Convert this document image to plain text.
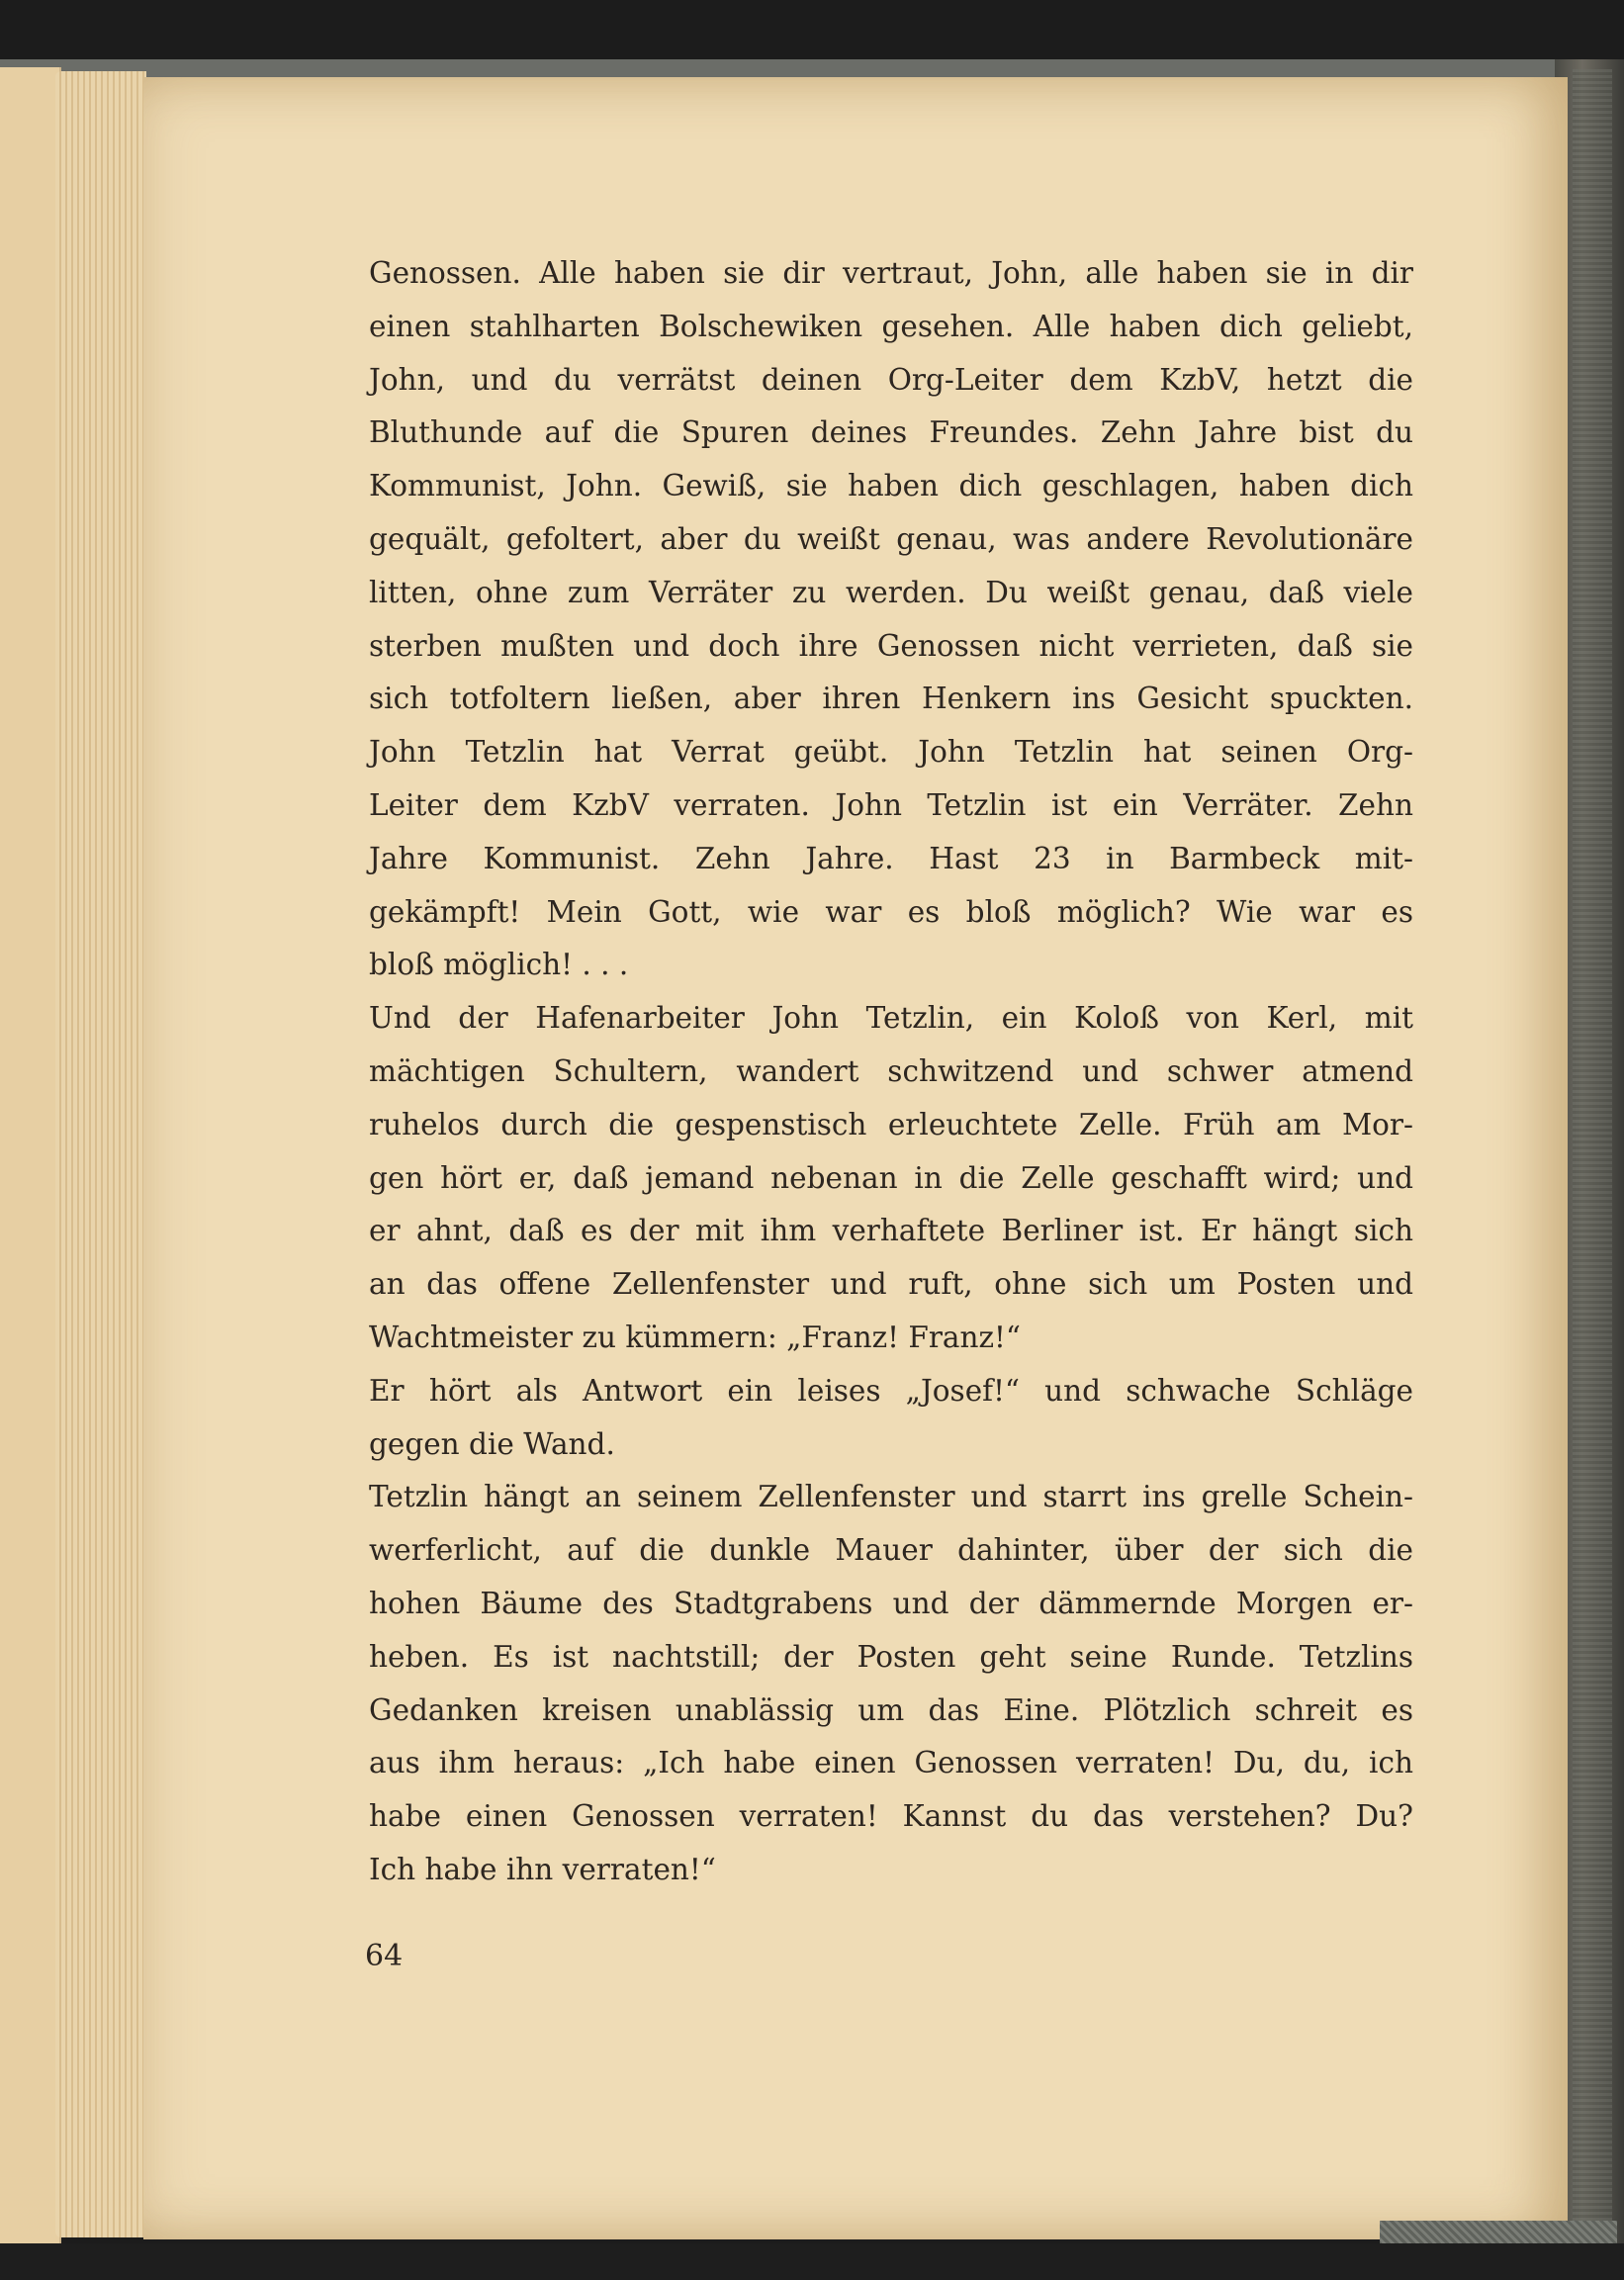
Genossen. Alle haben sie dir vertraut, John, alle haben sie in dir
einen stahlharten Bolschewiken gesehen. Alle haben dich geliebt,
John, und du verrätst deinen Org-Leiter dem KzbV, hetzt die
Bluthunde auf die Spuren deines Freundes. Zehn Jahre bist du
Kommunist, John. Gewiß, sie haben dich geschlagen, haben dich
gequält, gefoltert, aber du weißt genau, was andere Revolutionäre
litten, ohne zum Verräter zu werden. Du weißt genau, daß viele
sterben mußten und doch ihre Genossen nicht verrieten, daß sie
sich totfoltern ließen, aber ihren Henkern ins Gesicht spuckten.
John Tetzlin hat Verrat geübt. John Tetzlin hat seinen Org-
Leiter dem KzbV verraten. John Tetzlin ist ein Verräter. Zehn
Jahre Kommunist. Zehn Jahre. Hast 23 in Barmbeck mit-
gekämpft! Mein Gott, wie war es bloß möglich? Wie war es
bloß möglich! . . .
Und der Hafenarbeiter John Tetzlin, ein Koloß von Kerl, mit
mächtigen Schultern, wandert schwitzend und schwer atmend
ruhelos durch die gespenstisch erleuchtete Zelle. Früh am Mor-
gen hört er, daß jemand nebenan in die Zelle geschafft wird; und
er ahnt, daß es der mit ihm verhaftete Berliner ist. Er hängt sich
an das offene Zellenfenster und ruft, ohne sich um Posten und
Wachtmeister zu kümmern: „Franz! Franz!“
Er hört als Antwort ein leises „Josef!“ und schwache Schläge
gegen die Wand.
Tetzlin hängt an seinem Zellenfenster und starrt ins grelle Schein-
werferlicht, auf die dunkle Mauer dahinter, über der sich die
hohen Bäume des Stadtgrabens und der dämmernde Morgen er-
heben. Es ist nachtstill; der Posten geht seine Runde. Tetzlins
Gedanken kreisen unablässig um das Eine. Plötzlich schreit es
aus ihm heraus: „Ich habe einen Genossen verraten! Du, du, ich
habe einen Genossen verraten! Kannst du das verstehen? Du?
Ich habe ihn verraten!“
64
